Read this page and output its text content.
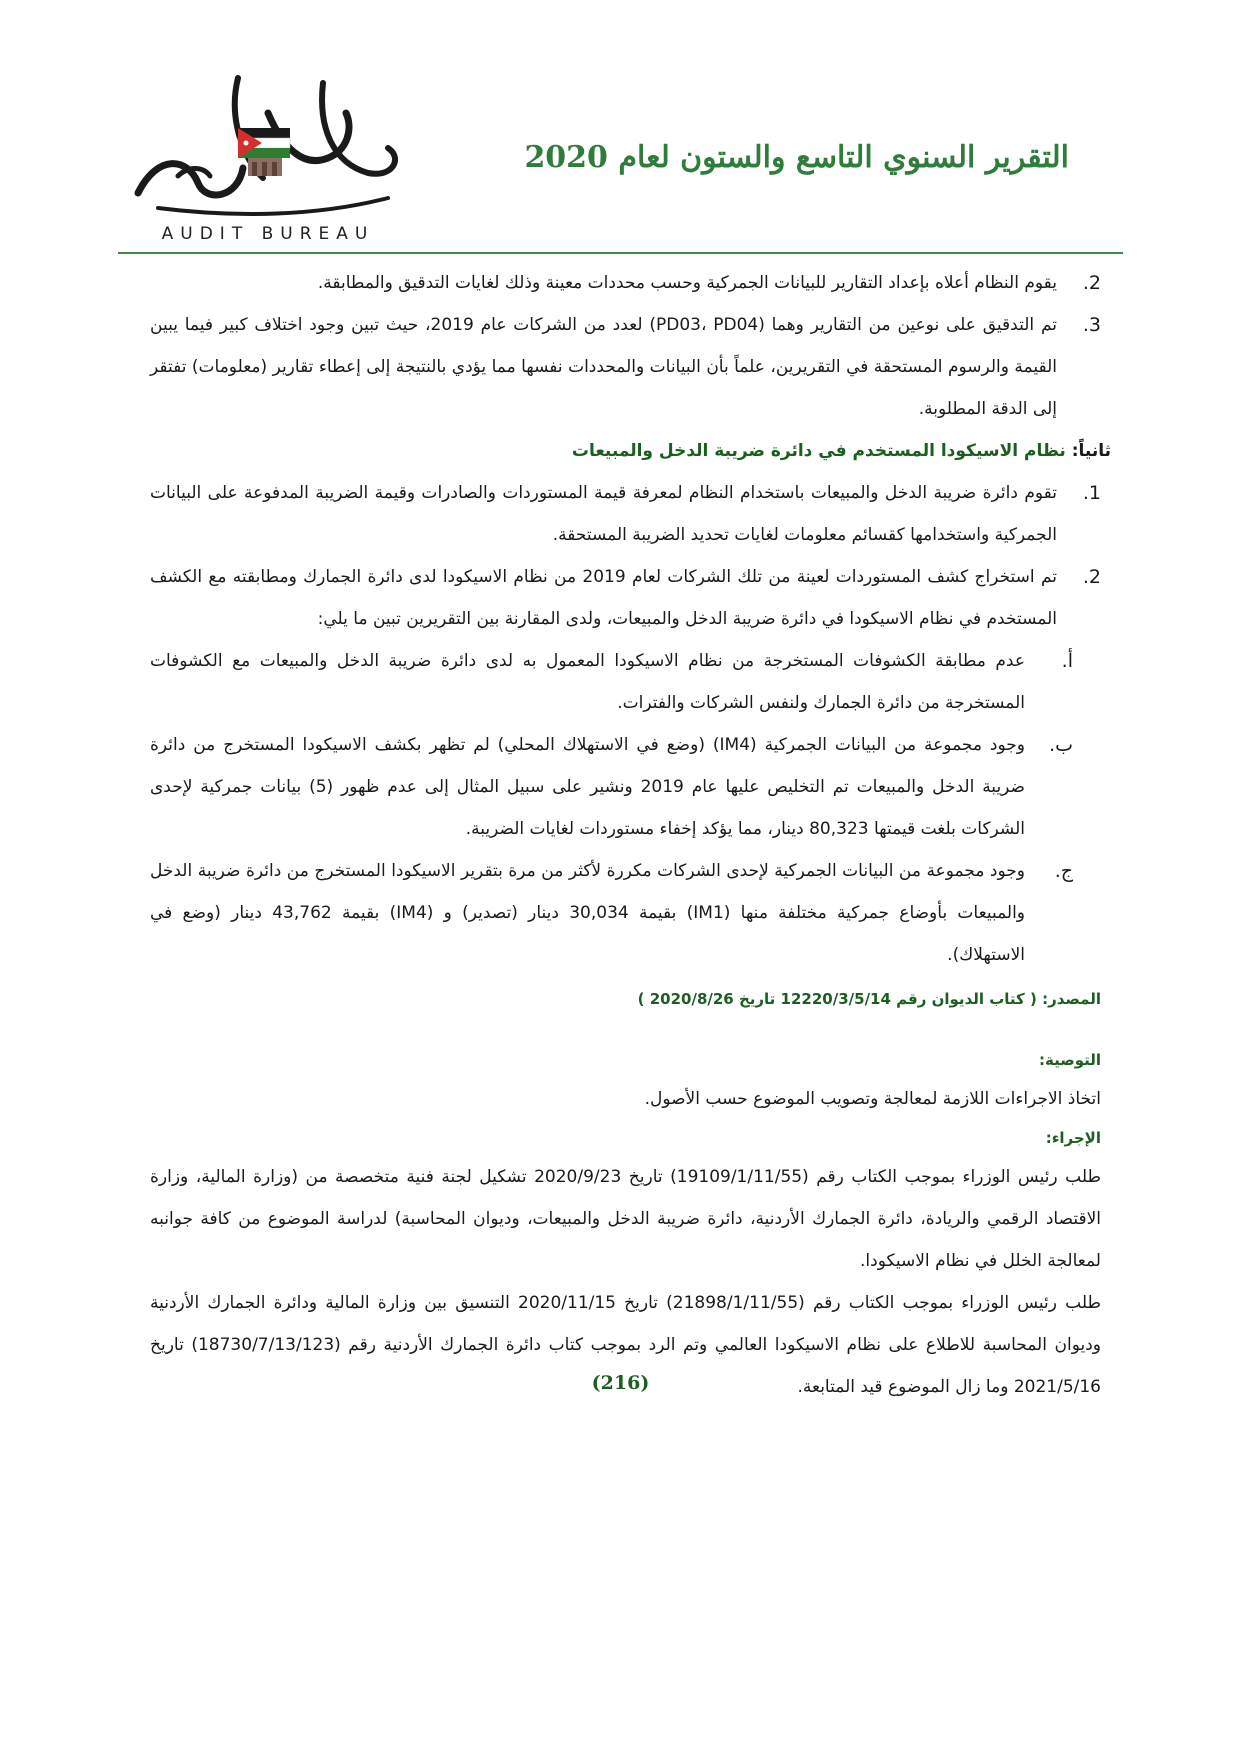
AUDIT BUREAU
التقرير السنوي التاسع والستون لعام 2020
2.
يقوم النظام أعلاه بإعداد التقارير للبيانات الجمركية وحسب محددات معينة وذلك لغايات التدقيق والمطابقة.
3.
تم التدقيق على نوعين من التقارير وهما (PD03، PD04) لعدد من الشركات عام 2019، حيث تبين وجود اختلاف كبير فيما يبين القيمة والرسوم المستحقة في التقريرين، علماً بأن البيانات والمحددات نفسها مما يؤدي بالنتيجة إلى إعطاء تقارير (معلومات) تفتقر إلى الدقة المطلوبة.
ثانياً: نظام الاسيكودا المستخدم في دائرة ضريبة الدخل والمبيعات
1.
تقوم دائرة ضريبة الدخل والمبيعات باستخدام النظام لمعرفة قيمة المستوردات والصادرات وقيمة الضريبة المدفوعة على البيانات الجمركية واستخدامها كقسائم معلومات لغايات تحديد الضريبة المستحقة.
2.
تم استخراج كشف المستوردات لعينة من تلك الشركات لعام 2019 من نظام الاسيكودا لدى دائرة الجمارك ومطابقته مع الكشف المستخدم في نظام الاسيكودا في دائرة ضريبة الدخل والمبيعات، ولدى المقارنة بين التقريرين تبين ما يلي:
أ.
عدم مطابقة الكشوفات المستخرجة من نظام الاسيكودا المعمول به لدى دائرة ضريبة الدخل والمبيعات مع الكشوفات المستخرجة من دائرة الجمارك ولنفس الشركات والفترات.
ب.
وجود مجموعة من البيانات الجمركية (IM4) (وضع في الاستهلاك المحلي) لم تظهر بكشف الاسيكودا المستخرج من دائرة ضريبة الدخل والمبيعات تم التخليص عليها عام 2019 ونشير على سبيل المثال إلى عدم ظهور (5) بيانات جمركية لإحدى الشركات بلغت قيمتها 80,323 دينار، مما يؤكد إخفاء مستوردات لغايات الضريبة.
ج.
وجود مجموعة من البيانات الجمركية لإحدى الشركات مكررة لأكثر من مرة بتقرير الاسيكودا المستخرج من دائرة ضريبة الدخل والمبيعات بأوضاع جمركية مختلفة منها (IM1) بقيمة 30,034 دينار (تصدير) و (IM4) بقيمة 43,762 دينار (وضع في الاستهلاك).
المصدر: ( كتاب الديوان رقم 12220/3/5/14 تاريخ 2020/8/26 )
التوصية:

اتخاذ الاجراءات اللازمة لمعالجة وتصويب الموضوع حسب الأصول.

الإجراء:

طلب رئيس الوزراء بموجب الكتاب رقم (19109/1/11/55) تاريخ 2020/9/23 تشكيل لجنة فنية متخصصة من (وزارة المالية، وزارة الاقتصاد الرقمي والريادة، دائرة الجمارك الأردنية، دائرة ضريبة الدخل والمبيعات، وديوان المحاسبة) لدراسة الموضوع من كافة جوانبه لمعالجة الخلل في نظام الاسيكودا.

طلب رئيس الوزراء بموجب الكتاب رقم (21898/1/11/55) تاريخ 2020/11/15 التنسيق بين وزارة المالية ودائرة الجمارك الأردنية وديوان المحاسبة للاطلاع على نظام الاسيكودا العالمي وتم الرد بموجب كتاب دائرة الجمارك الأردنية رقم (18730/7/13/123) تاريخ 2021/5/16 وما زال الموضوع قيد المتابعة.

(216)
